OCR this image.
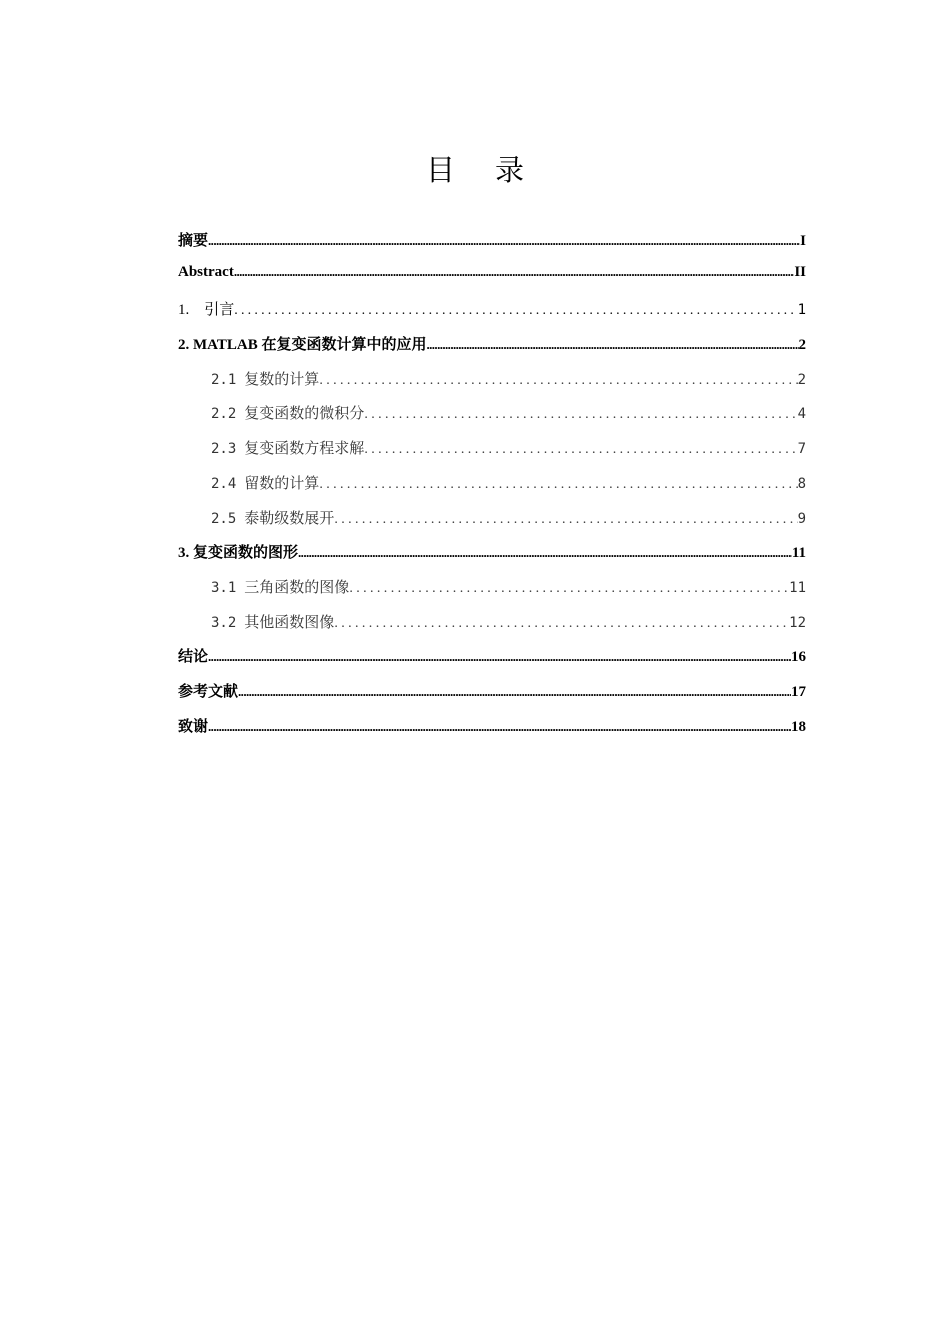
目 录
摘要 .....	I
Abstract .....	II
1.　引言 .....	1
2. MATLAB 在复变函数计算中的应用 .....	2
2.1 复数的计算 .....	2
2.2 复变函数的微积分 .....	4
2.3 复变函数方程求解 .....	7
2.4 留数的计算 .....	8
2.5 泰勒级数展开 .....	9
3. 复变函数的图形 .....	11
3.1 三角函数的图像 .....	11
3.2 其他函数图像 .....	12
结论 .....	16
参考文献 .....	17
致谢 .....	18
